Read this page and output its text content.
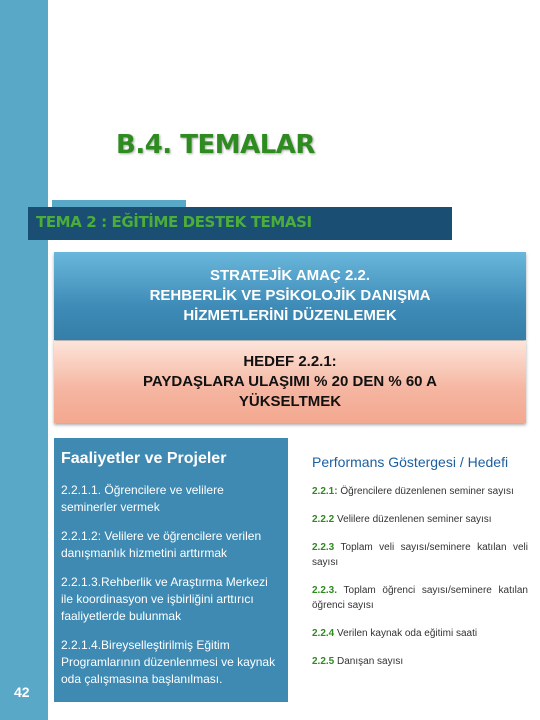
B.4. TEMALAR
TEMA 2 : EĞİTİME DESTEK TEMASI
STRATEJİK AMAÇ 2.2.
REHBERLİK VE PSİKOLOJİK DANIŞMA
HİZMETLERİNİ DÜZENLEMEK
HEDEF 2.2.1:
PAYDAŞLARA ULAŞIMI % 20 DEN % 60 A
YÜKSELTMEK
Faaliyetler ve Projeler
2.2.1.1. Öğrencilere ve velilere seminerler vermek
2.2.1.2: Velilere ve öğrencilere verilen danışmanlık hizmetini arttırmak
2.2.1.3.Rehberlik ve Araştırma Merkezi ile koordinasyon ve işbirliğini arttırıcı faaliyetlerde bulunmak
2.2.1.4.Bireyselleştirilmiş Eğitim Programlarının düzenlenmesi ve kaynak oda çalışmasına başlanılması.
Performans Göstergesi / Hedefi
2.2.1: Öğrencilere düzenlenen seminer sayısı
2.2.2 Velilere düzenlenen seminer sayısı
2.2.3 Toplam veli sayısı/seminere katılan veli sayısı
2.2.3. Toplam öğrenci sayısı/seminere katılan öğrenci sayısı
2.2.4 Verilen kaynak oda eğitimi saati
2.2.5 Danışan sayısı
42
